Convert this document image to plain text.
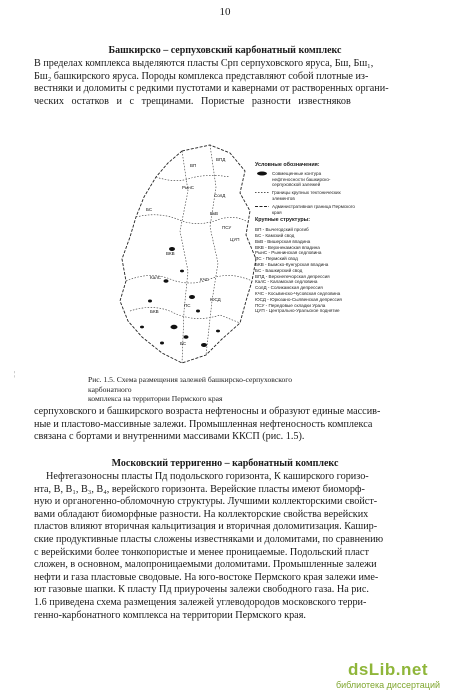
10
Башкирско – серпуховский карбонатный комплекс

В пределах комплекса выделяются пласты Срп серпуховского яруса, Бш, Бш₁,
Бш₂ башкирского яруса. Породы комплекса представляют собой плотные из-
вестняки и доломиты с редкими пустотами и кавернами от растворенных органи-
ческих остатков и с трещинами. Пористые разности известняков

ВП
ВПД
БС
СолД
ВкВ
ВКВ
ЦУП
ПСУ
КЧС
ПС
ЮСД
БКВ
БС
КалС
РынС
Условные обозначения:
Совмещенные контура нефтеносности башкирско-серпуховской залежей
Границы крупных тектонических элементов
Административная граница Пермского края
Крупные структуры:
ВП - Вычегодский прогиб
БС - Камский свод
ВкВ - Вишерская впадина
ВКВ - Верхнекамская впадина
РынС - Рыннинская седловина
ПС - Пермский свод
БКВ - Бымско-Кунгурская впадина
БС - Башкирский свод
ВПД - Верхнепечорская депрессия
КалС - Каламская седловина
СолД - Соликамская депрессия
КЧС - Косьвинско-Чусовская седловина
ЮСД - Юрюзано-Сылвенская депрессия
ПСУ - Передовые складки Урала
ЦУП - Центрально-Уральское поднятие
Рис. 1.5. Схема размещения залежей башкирско-серпуховского карбонатного
комплекса на территории Пермского края
¦

серпуховского и башкирского возраста нефтеносны и образуют единые массив-
ные и пластово-массивные залежи. Промышленная нефтеносность комплекса
связана с бортами и внутренними массивами ККСП (рис. 1.5).

Московский терригенно – карбонатный комплекс

Нефтегазоносны пласты Пд подольского горизонта, К каширского горизо-
нта, В, В₁, В₃, В₄, верейского горизонта. Верейские пласты имеют биоморф-
ную и органогенно-обломочную структуры. Лучшими коллекторскими свойст-
вами обладают биоморфные разности. На коллекторские свойства верейских
пластов влияют вторичная кальцитизация и вторичная доломитизация. Кашир-
ские продуктивные пласты сложены известняками и доломитами, по сравнению
с верейскими более тонкопористые и менее проницаемые. Подольский пласт
сложен, в основном, малопроницаемыми доломитами. Промышленные залежи
нефти и газа пластовые сводовые. На юго-востоке Пермского края залежи име-
ют газовые шапки. К пласту Пд приурочены залежи свободного газа. На рис.
1.6 приведена схема размещения залежей углеводородов московского терри-
генно-карбонатного комплекса на территории Пермского края.

dsLib.net
библиотека диссертаций
